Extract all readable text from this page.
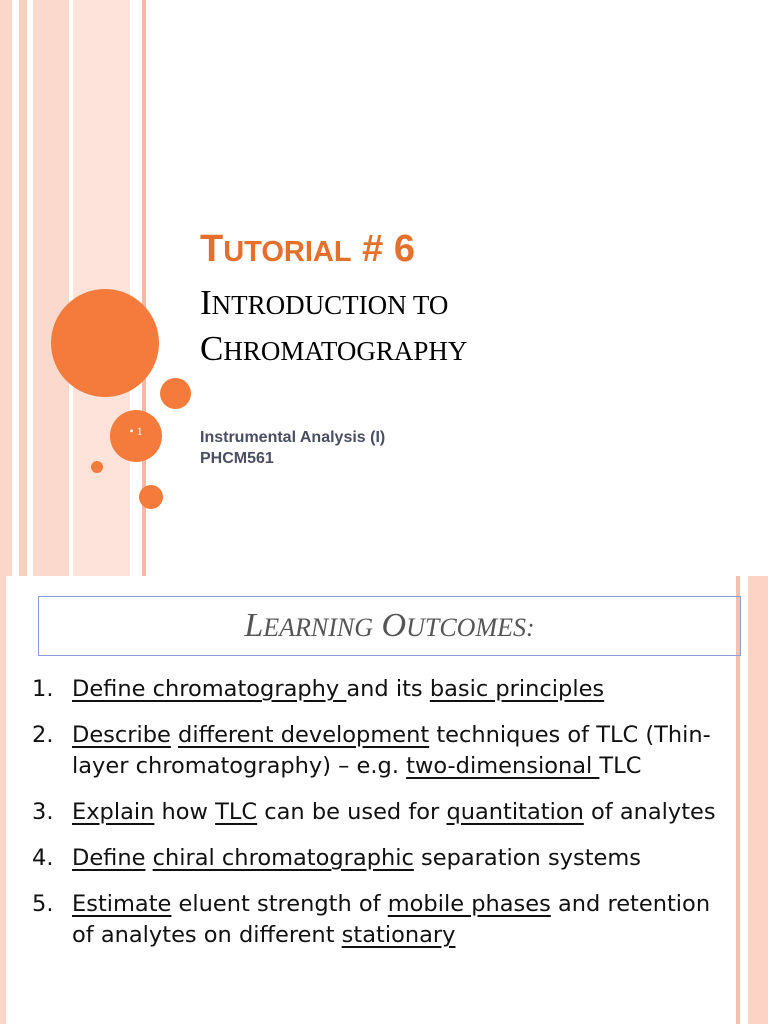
• 1
TUTORIAL # 6
INTRODUCTION TO
CHROMATOGRAPHY
Instrumental Analysis (I)
PHCM561
LEARNING OUTCOMES:
1. Define chromatography and its basic principles
2. Describe different development techniques of TLC (Thin-layer chromatography) – e.g. two-dimensional TLC
3. Explain how TLC can be used for quantitation of analytes
4. Define chiral chromatographic separation systems
5. Estimate eluent strength of mobile phases and retention of analytes on different stationary
